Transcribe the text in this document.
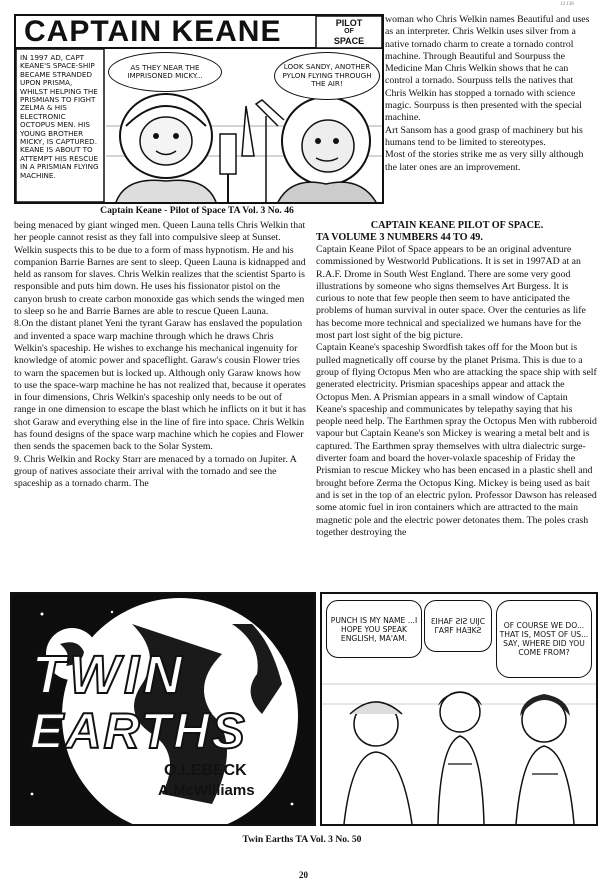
13 138
CAPTAIN KEANE	PILOT
OF
SPACE
IN 1997 AD, CAPT KEANE'S SPACE-SHIP BECAME STRANDED UPON PRISMA, WHILST HELPING THE PRISMIANS TO FIGHT ZELMA & HIS ELECTRONIC OCTOPUS MEN. HIS YOUNG BROTHER MICKY, IS CAPTURED. KEANE IS ABOUT TO ATTEMPT HIS RESCUE IN A PRISMIAN FLYING MACHINE.
AS THEY NEAR THE IMPRISONED MICKY...
LOOK SANDY, ANOTHER PYLON FLYING THROUGH THE AIR!
Captain Keane - Pilot of Space TA Vol. 3 No. 46

woman who Chris Welkin names Beautiful and uses as an interpreter. Chris Welkin uses silver from a native tornado charm to create a tornado control machine. Through Beautiful and Sourpuss the Medicine Man Chris Welkin shows that he can control a tornado. Sourpuss tells the natives that Chris Welkin has stopped a tornado with science magic. Sourpuss is then presented with the special machine.

Art Sansom has a good grasp of machinery but his humans tend to be limited to stereotypes.

Most of the stories strike me as very silly although the later ones are an improvement.

being menaced by giant winged men. Queen Launa tells Chris Welkin that her people cannot resist as they fall into compulsive sleep at Sunset. Welkin suspects this to be due to a form of mass hypnotism. He and his companion Barrie Barnes are sent to sleep. Queen Launa is kidnapped and held as ransom for slaves. Chris Welkin realizes that the scientist Sparto is responsible and puts him down. He uses his fissionator pistol on the canyon brush to create carbon monoxide gas which sends the winged men to sleep so he and Barrie Barnes are able to rescue Queen Launa.

8.On the distant planet Yeni the tyrant Garaw has enslaved the population and invented a space warp machine through which he draws Chris Welkin's spaceship. He wishes to exchange his mechanical ingenuity for knowledge of atomic power and spaceflight. Garaw's cousin Flower tries to warn the spacemen but is locked up. Although only Garaw knows how to use the space-warp machine he has not realized that, because it operates in four dimensions, Chris Welkin's spaceship only needs to be out of range in one dimension to escape the blast which he inflicts on it but it has shot Garaw and everything else in the line of fire into space. Chris Welkin has found designs of the space warp machine which he copies and Flower then sends the spacemen back to the Solar System.

9. Chris Welkin and Rocky Starr are menaced by a tornado on Jupiter. A group of natives associate their arrival with the tornado and see the spaceship as a tornado charm. The

CAPTAIN KEANE PILOT OF SPACE.
TA VOLUME 3 NUMBERS 44 TO 49.

Captain Keane Pilot of Space appears to be an original adventure commissioned by Westworld Publications. It is set in 1997AD at an R.A.F. Drome in South West England. There are some very good illustrations by someone who signs themselves Art Burgess. It is curious to note that few people then seem to have anticipated the problems of human survival in outer space. Over the centuries as life has become more technical and specialized we humans have for the most part lost sight of the big picture.

Captain Keane's spaceship Swordfish takes off for the Moon but is pulled magnetically off course by the planet Prisma. This is due to a group of flying Octopus Men who are attacking the space ship with self generated electricity. Prismian spaceships appear and attack the Octopus Men. A Prismian appears in a small window of Captain Keane's spaceship and communicates by telepathy saying that his people need help. The Earthmen spray the Octopus Men with rubberoid vapour but Captain Keane's son Mickey is wearing a metal belt and is captured. The Earthmen spray themselves with ultra dialectric surge-diverter foam and board the hover-volaxle spaceship of Friday the Prismian to rescue Mickey who has been encased in a plastic shell and brought before Zerma the Octopus King. Mickey is being used as bait and is set in the top of an electric pylon. Professor Dawson has released some atomic fuel in iron containers which are attracted to the main magnetic pole and the electric power detonates them. The poles crash together destroying the

TWIN
EARTHS
O.LEBECK
A.McWilliams
PUNCH IS MY NAME ...I HOPE YOU SPEAK ENGLISH, MA'AM.
ƐIHAF ƧIƧ UIJC ΓAЯF HAƎKƧ
OF COURSE WE DO... THAT IS, MOST OF US... SAY, WHERE DID YOU COME FROM?
Twin Earths TA Vol. 3 No. 50
20
